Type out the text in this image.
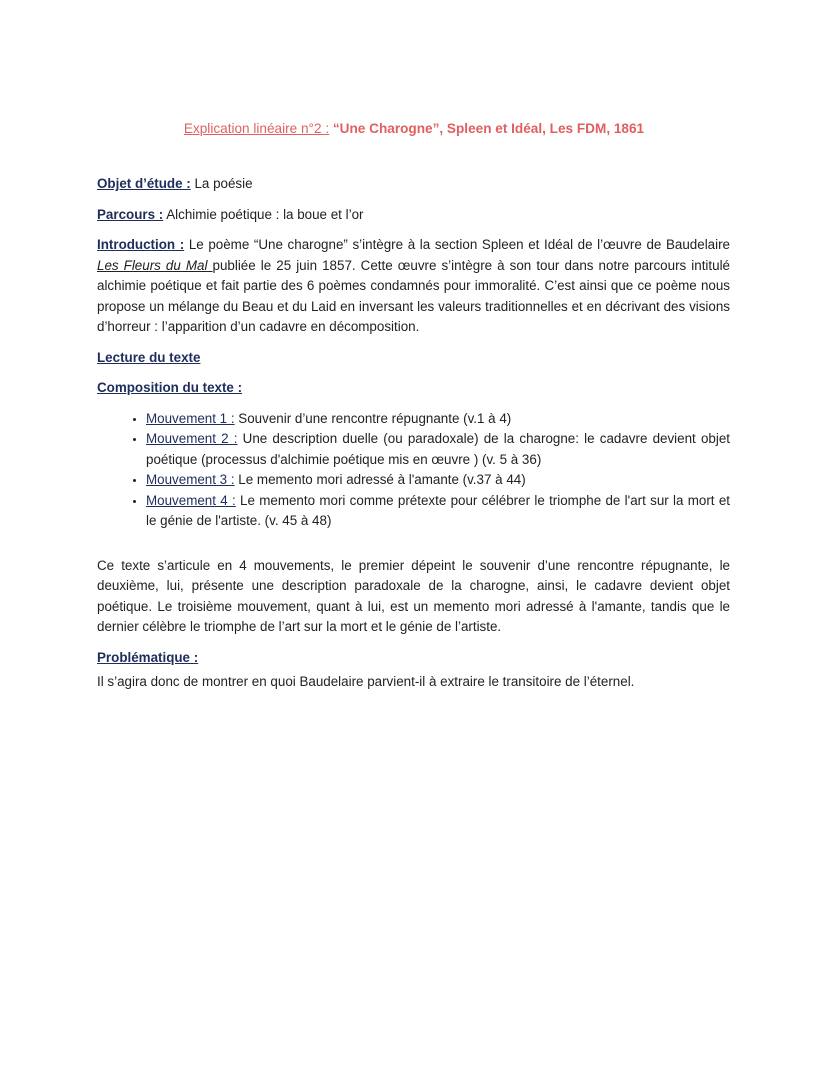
Explication linéaire n°2 : “Une Charogne”, Spleen et Idéal, Les FDM, 1861

Objet d’étude : La poésie

Parcours : Alchimie poétique : la boue et l’or

Introduction : Le poème “Une charogne” s’intègre à la section Spleen et Idéal de l’œuvre de Baudelaire Les Fleurs du Mal publiée le 25 juin 1857. Cette œuvre s’intègre à son tour dans notre parcours intitulé alchimie poétique et fait partie des 6 poèmes condamnés pour immoralité. C’est ainsi que ce poème nous propose un mélange du Beau et du Laid en inversant les valeurs traditionnelles et en décrivant des visions d’horreur : l’apparition d’un cadavre en décomposition.

Lecture du texte

Composition du texte :

• Mouvement 1 : Souvenir d’une rencontre répugnante (v.1 à 4)
• Mouvement 2 : Une description duelle (ou paradoxale) de la charogne: le cadavre devient objet poétique (processus d'alchimie poétique mis en œuvre ) (v. 5 à 36)
• Mouvement 3 : Le memento mori adressé à l'amante (v.37 à 44)
• Mouvement 4 : Le memento mori comme prétexte pour célébrer le triomphe de l'art sur la mort et le génie de l'artiste. (v. 45 à 48)

Ce texte s’articule en 4 mouvements, le premier dépeint le souvenir d’une rencontre répugnante, le deuxième, lui, présente une description paradoxale de la charogne, ainsi, le cadavre devient objet poétique. Le troisième mouvement, quant à lui, est un memento mori adressé à l'amante, tandis que le dernier célèbre le triomphe de l’art sur la mort et le génie de l’artiste.

Problématique :

Il s’agira donc de montrer en quoi Baudelaire parvient-il à extraire le transitoire de l’éternel.
